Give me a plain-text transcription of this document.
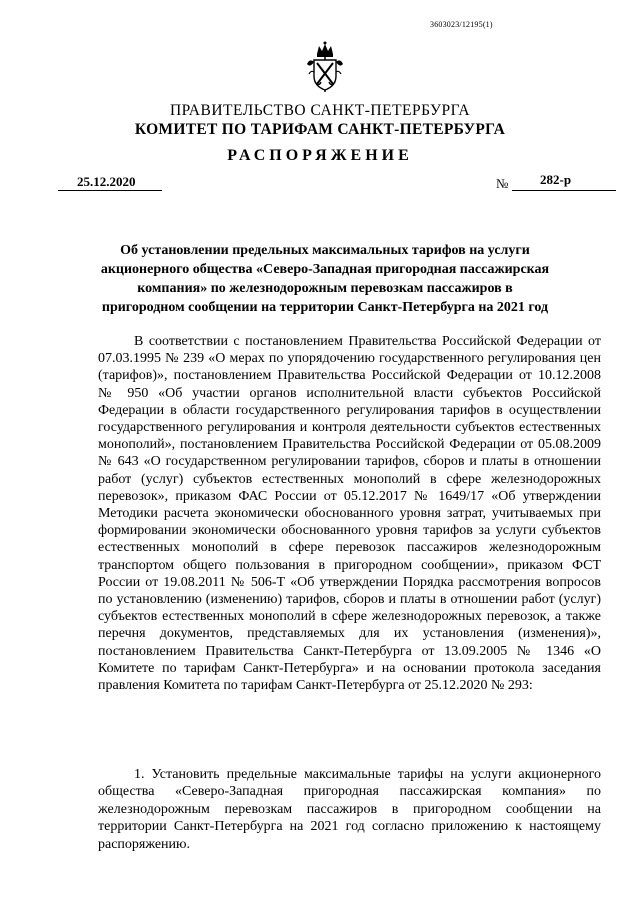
3603023/12195(1)
ПРАВИТЕЛЬСТВО САНКТ-ПЕТЕРБУРГА
КОМИТЕТ ПО ТАРИФАМ САНКТ-ПЕТЕРБУРГА
РАСПОРЯЖЕНИЕ
25.12.2020	№ 282-р
Об установлении предельных максимальных тарифов на услуги акционерного общества «Северо-Западная пригородная пассажирская компания» по железнодорожным перевозкам пассажиров в пригородном сообщении на территории Санкт-Петербурга на 2021 год
В соответствии с постановлением Правительства Российской Федерации от 07.03.1995 № 239 «О мерах по упорядочению государственного регулирования цен (тарифов)», постановлением Правительства Российской Федерации от 10.12.2008 № 950 «Об участии органов исполнительной власти субъектов Российской Федерации в области государственного регулирования тарифов в осуществлении государственного регулирования и контроля деятельности субъектов естественных монополий», постановлением Правительства Российской Федерации от 05.08.2009 № 643 «О государственном регулировании тарифов, сборов и платы в отношении работ (услуг) субъектов естественных монополий в сфере железнодорожных перевозок», приказом ФАС России от 05.12.2017 № 1649/17 «Об утверждении Методики расчета экономически обоснованного уровня затрат, учитываемых при формировании экономически обоснованного уровня тарифов за услуги субъектов естественных монополий в сфере перевозок пассажиров железнодорожным транспортом общего пользования в пригородном сообщении», приказом ФСТ России от 19.08.2011 № 506-Т «Об утверждении Порядка рассмотрения вопросов по установлению (изменению) тарифов, сборов и платы в отношении работ (услуг) субъектов естественных монополий в сфере железнодорожных перевозок, а также перечня документов, представляемых для их установления (изменения)», постановлением Правительства Санкт-Петербурга от 13.09.2005 № 1346 «О Комитете по тарифам Санкт-Петербурга» и на основании протокола заседания правления Комитета по тарифам Санкт-Петербурга от 25.12.2020 № 293:
1. Установить предельные максимальные тарифы на услуги акционерного общества «Северо-Западная пригородная пассажирская компания» по железнодорожным перевозкам пассажиров в пригородном сообщении на территории Санкт-Петербурга на 2021 год согласно приложению к настоящему распоряжению.
